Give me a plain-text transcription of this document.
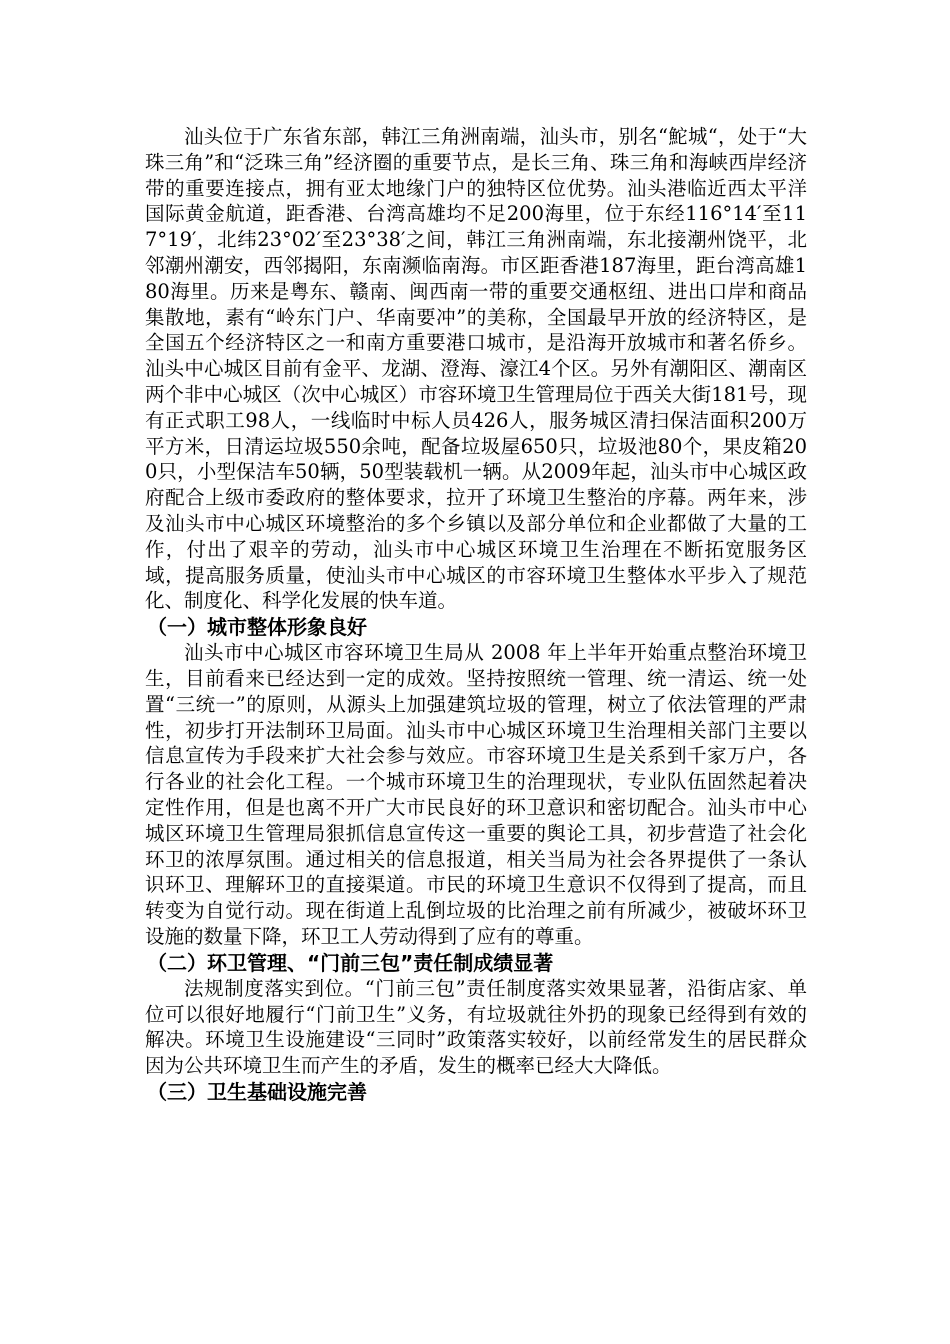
汕头位于广东省东部，韩江三角洲南端，汕头市，别名“鮀城“，处于“大珠三角”和“泛珠三角”经济圈的重要节点，是长三角、珠三角和海峡西岸经济带的重要连接点，拥有亚太地缘门户的独特区位优势。汕头港临近西太平洋国际黄金航道，距香港、台湾高雄均不足200海里，位于东经116°14′至117°19′，北纬23°02′至23°38′之间，韩江三角洲南端，东北接潮州饶平，北邻潮州潮安，西邻揭阳，东南濒临南海。市区距香港187海里，距台湾高雄180海里。历来是粤东、赣南、闽西南一带的重要交通枢纽、进出口岸和商品集散地，素有“岭东门户、华南要冲”的美称，全国最早开放的经济特区，是全国五个经济特区之一和南方重要港口城市，是沿海开放城市和著名侨乡。汕头中心城区目前有金平、龙湖、澄海、濠江4个区。另外有潮阳区、潮南区两个非中心城区（次中心城区）市容环境卫生管理局位于西关大街181号，现有正式职工98人，一线临时中标人员426人，服务城区清扫保洁面积200万平方米，日清运垃圾550余吨，配备垃圾屋650只，垃圾池80个，果皮箱200只，小型保洁车50辆，50型装载机一辆。从2009年起，汕头市中心城区政府配合上级市委政府的整体要求，拉开了环境卫生整治的序幕。两年来，涉及汕头市中心城区环境整治的多个乡镇以及部分单位和企业都做了大量的工作，付出了艰辛的劳动，汕头市中心城区环境卫生治理在不断拓宽服务区域，提高服务质量，使汕头市中心城区的市容环境卫生整体水平步入了规范化、制度化、科学化发展的快车道。

（一）城市整体形象良好

汕头市中心城区市容环境卫生局从 2008 年上半年开始重点整治环境卫生，目前看来已经达到一定的成效。坚持按照统一管理、统一清运、统一处置“三统一”的原则，从源头上加强建筑垃圾的管理，树立了依法管理的严肃性，初步打开法制环卫局面。汕头市中心城区环境卫生治理相关部门主要以信息宣传为手段来扩大社会参与效应。市容环境卫生是关系到千家万户，各行各业的社会化工程。一个城市环境卫生的治理现状，专业队伍固然起着决定性作用，但是也离不开广大市民良好的环卫意识和密切配合。汕头市中心城区环境卫生管理局狠抓信息宣传这一重要的舆论工具，初步营造了社会化环卫的浓厚氛围。通过相关的信息报道，相关当局为社会各界提供了一条认识环卫、理解环卫的直接渠道。市民的环境卫生意识不仅得到了提高，而且转变为自觉行动。现在街道上乱倒垃圾的比治理之前有所减少，被破坏环卫设施的数量下降，环卫工人劳动得到了应有的尊重。

（二）环卫管理、“门前三包”责任制成绩显著

法规制度落实到位。“门前三包”责任制度落实效果显著，沿街店家、单位可以很好地履行“门前卫生”义务，有垃圾就往外扔的现象已经得到有效的解决。环境卫生设施建设“三同时”政策落实较好，以前经常发生的居民群众因为公共环境卫生而产生的矛盾，发生的概率已经大大降低。

（三）卫生基础设施完善
